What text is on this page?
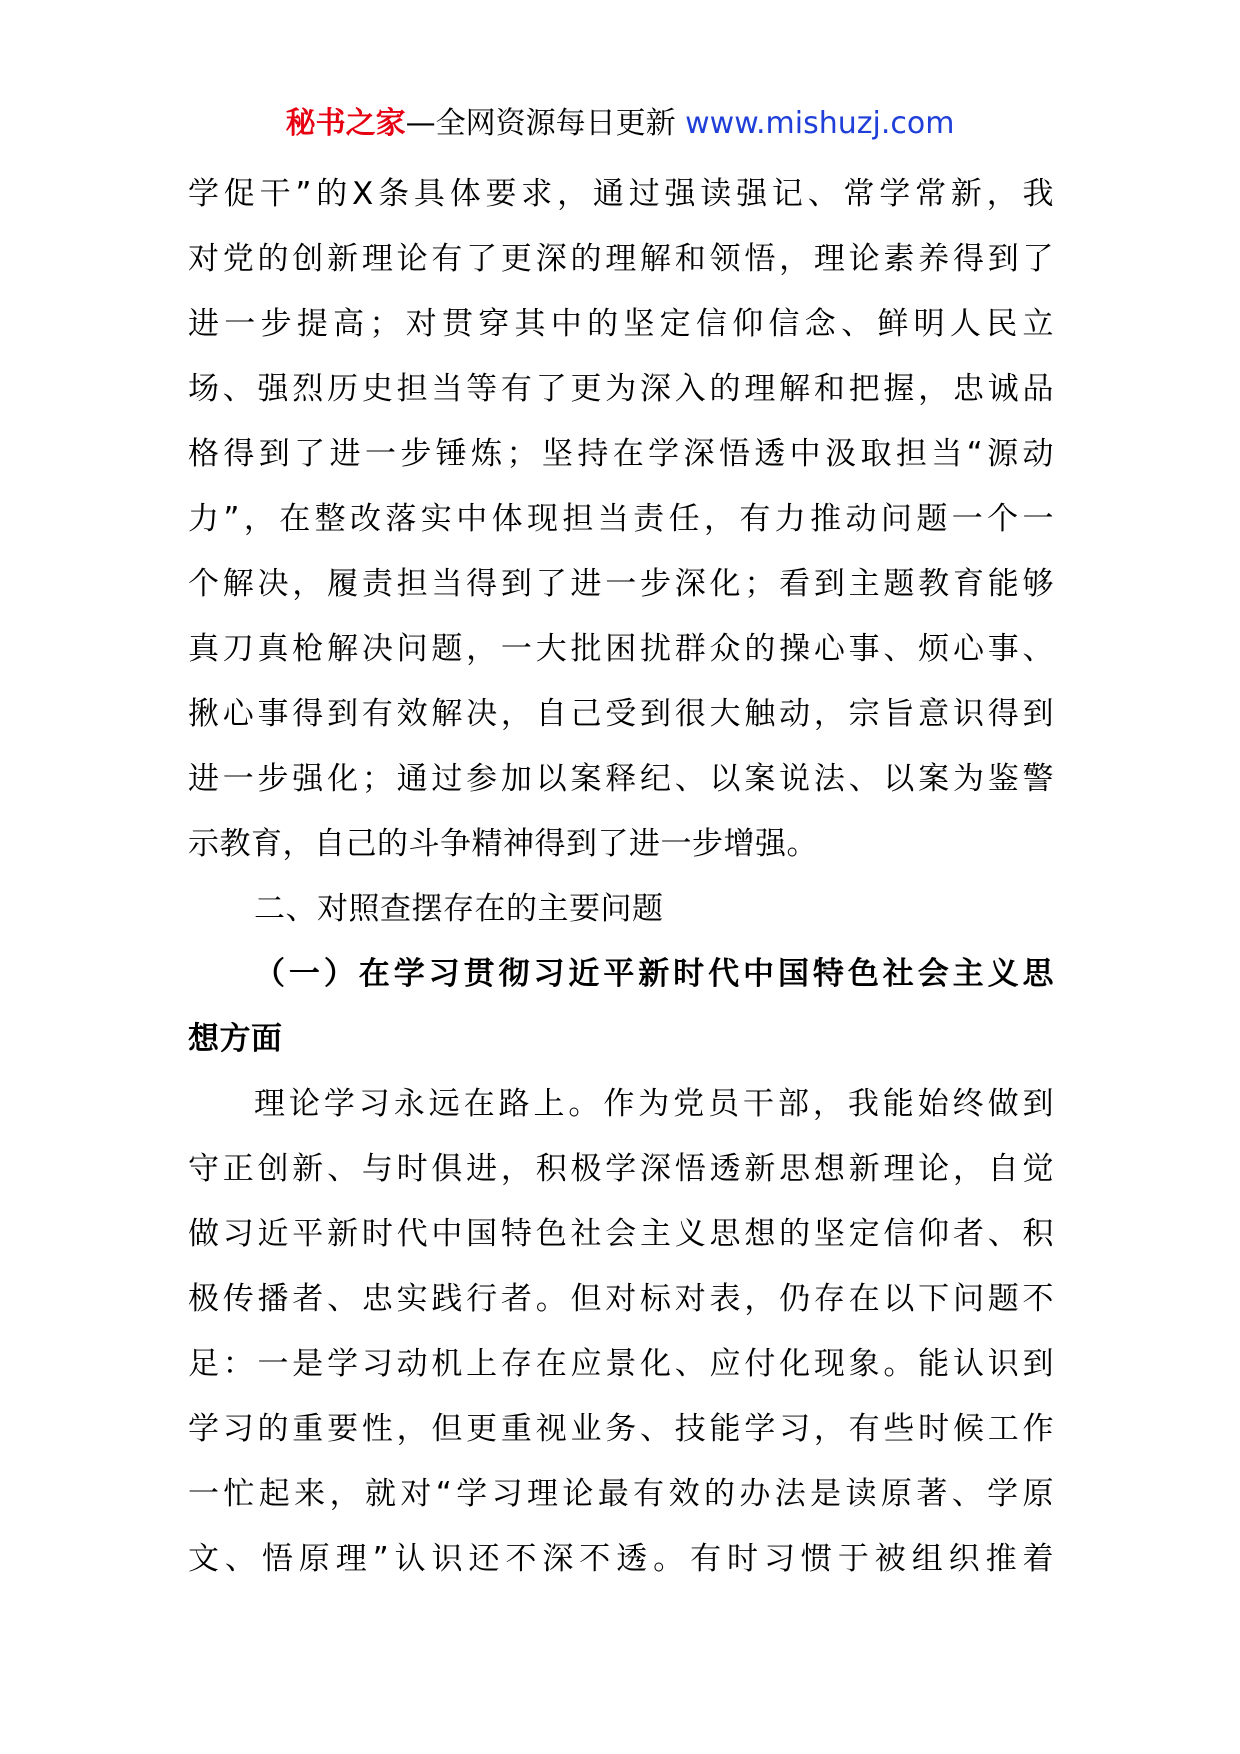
秘书之家—全网资源每日更新 www.mishuzj.com
学促干”的X条具体要求，通过强读强记、常学常新，我
对党的创新理论有了更深的理解和领悟，理论素养得到了
进一步提高；对贯穿其中的坚定信仰信念、鲜明人民立
场、强烈历史担当等有了更为深入的理解和把握，忠诚品
格得到了进一步锤炼；坚持在学深悟透中汲取担当“源动
力”，在整改落实中体现担当责任，有力推动问题一个一
个解决，履责担当得到了进一步深化；看到主题教育能够
真刀真枪解决问题，一大批困扰群众的操心事、烦心事、
揪心事得到有效解决，自己受到很大触动，宗旨意识得到
进一步强化；通过参加以案释纪、以案说法、以案为鉴警
示教育，自己的斗争精神得到了进一步增强。
二、对照查摆存在的主要问题
（一）在学习贯彻习近平新时代中国特色社会主义思
想方面
理论学习永远在路上。作为党员干部，我能始终做到
守正创新、与时俱进，积极学深悟透新思想新理论，自觉
做习近平新时代中国特色社会主义思想的坚定信仰者、积
极传播者、忠实践行者。但对标对表，仍存在以下问题不
足：一是学习动机上存在应景化、应付化现象。能认识到
学习的重要性，但更重视业务、技能学习，有些时候工作
一忙起来，就对“学习理论最有效的办法是读原著、学原
文、悟原理”认识还不深不透。有时习惯于被组织推着
